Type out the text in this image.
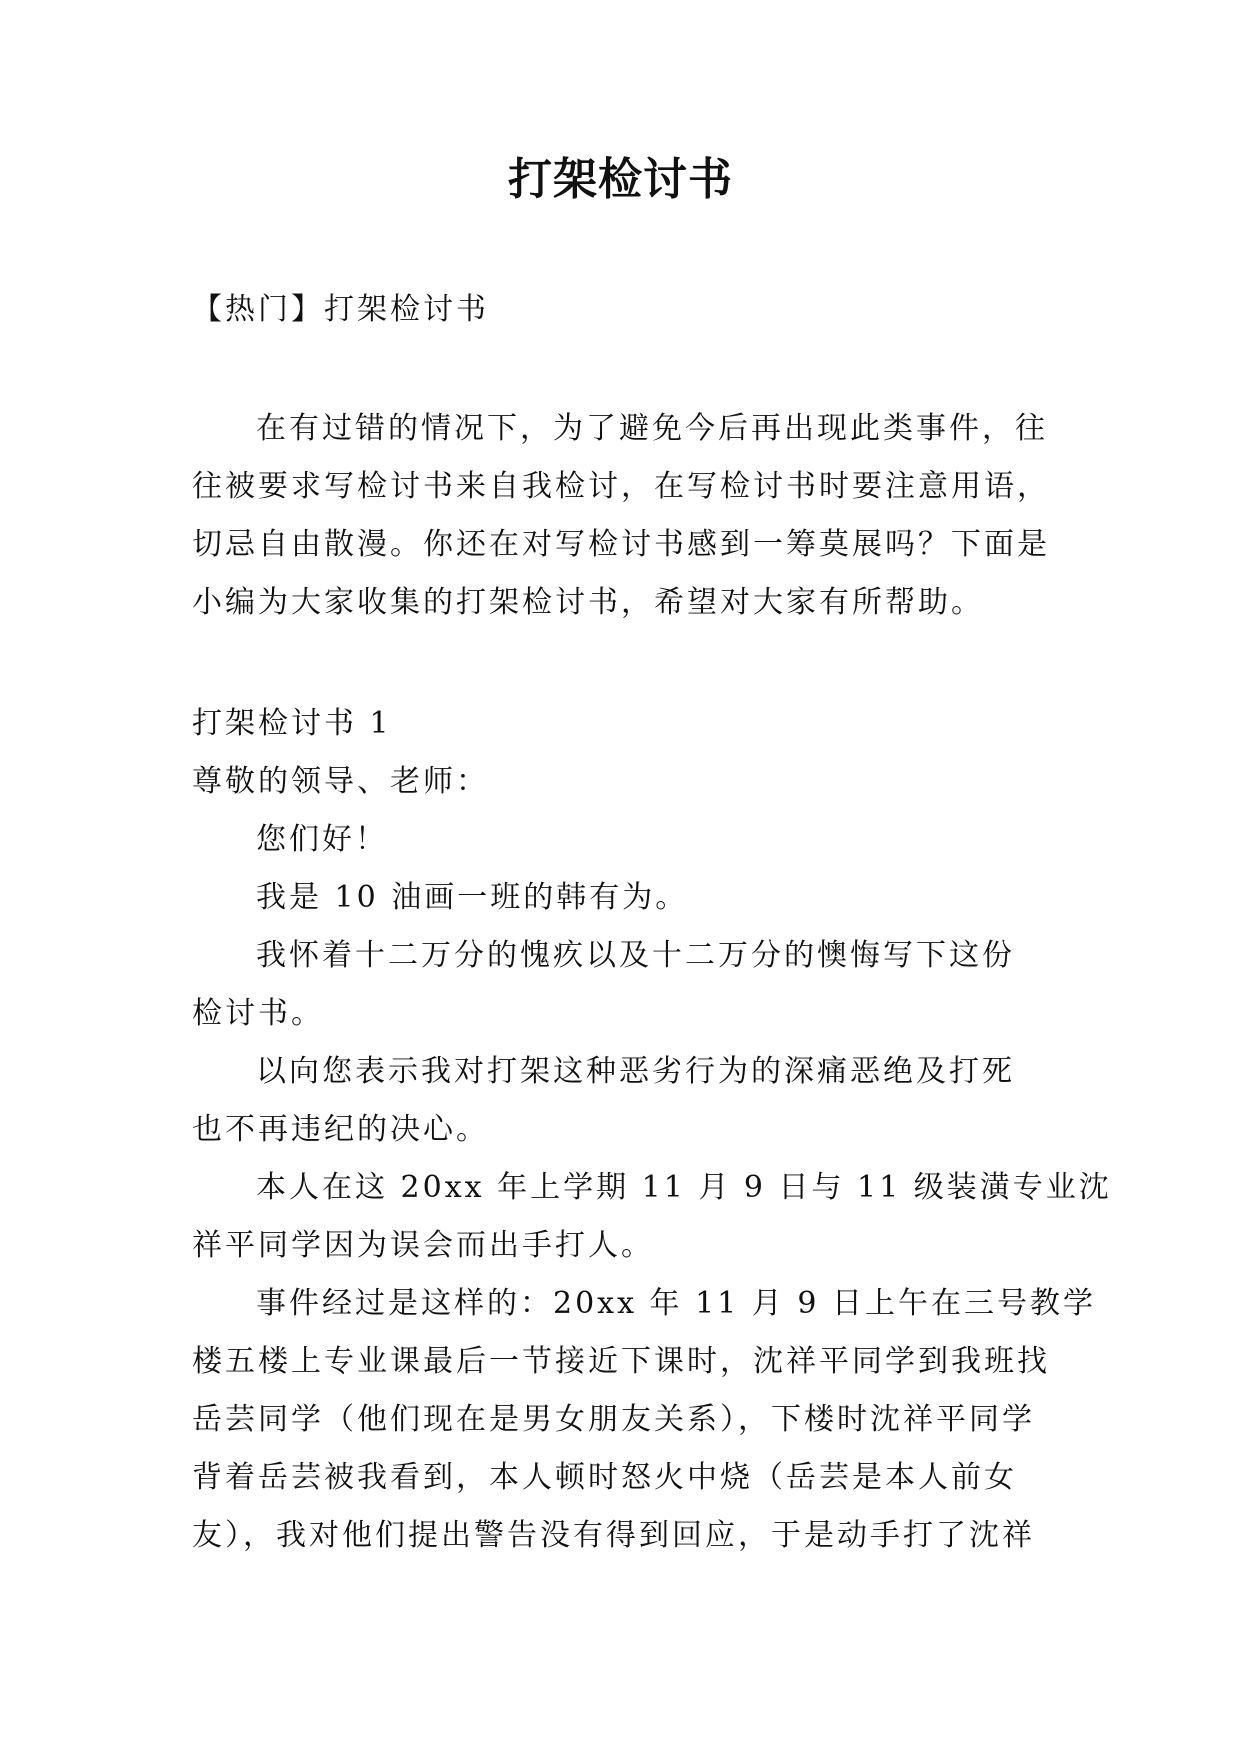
打架检讨书
【热门】打架检讨书
在有过错的情况下，为了避免今后再出现此类事件，往
往被要求写检讨书来自我检讨，在写检讨书时要注意用语，
切忌自由散漫。你还在对写检讨书感到一筹莫展吗？下面是
小编为大家收集的打架检讨书，希望对大家有所帮助。
打架检讨书 1
尊敬的领导、老师：
您们好！
我是 10 油画一班的韩有为。
我怀着十二万分的愧疚以及十二万分的懊悔写下这份
检讨书。
以向您表示我对打架这种恶劣行为的深痛恶绝及打死
也不再违纪的决心。
本人在这 20xx 年上学期 11 月 9 日与 11 级装潢专业沈
祥平同学因为误会而出手打人。
事件经过是这样的：20xx 年 11 月 9 日上午在三号教学
楼五楼上专业课最后一节接近下课时，沈祥平同学到我班找
岳芸同学（他们现在是男女朋友关系），下楼时沈祥平同学
背着岳芸被我看到，本人顿时怒火中烧（岳芸是本人前女
友），我对他们提出警告没有得到回应，于是动手打了沈祥
